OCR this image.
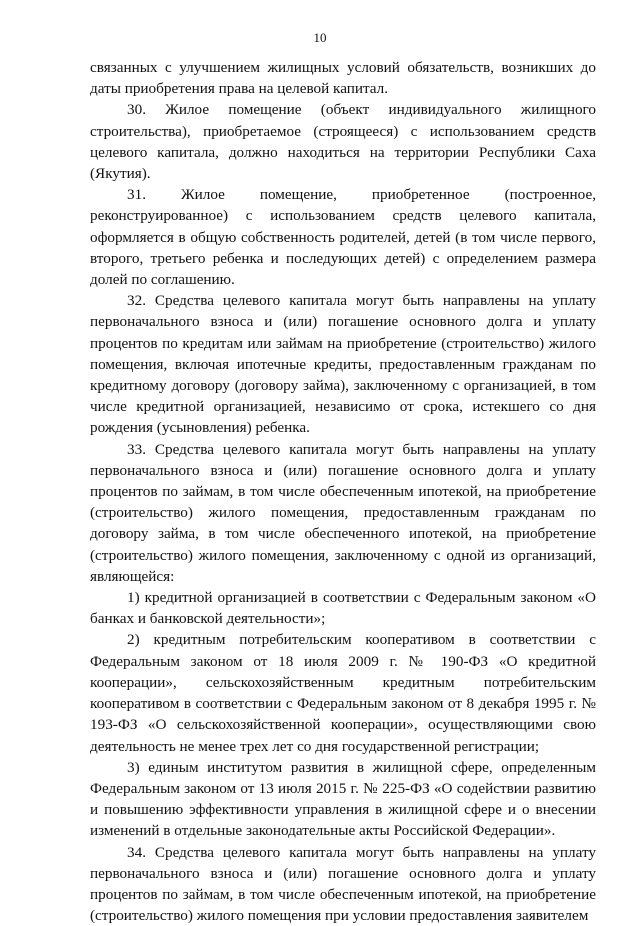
10

связанных с улучшением жилищных условий обязательств, возникших до даты приобретения права на целевой капитал.

30. Жилое помещение (объект индивидуального жилищного строительства), приобретаемое (строящееся) с использованием средств целевого капитала, должно находиться на территории Республики Саха (Якутия).

31. Жилое помещение, приобретенное (построенное, реконструированное) с использованием средств целевого капитала, оформляется в общую собственность родителей, детей (в том числе первого, второго, третьего ребенка и последующих детей) с определением размера долей по соглашению.

32. Средства целевого капитала могут быть направлены на уплату первоначального взноса и (или) погашение основного долга и уплату процентов по кредитам или займам на приобретение (строительство) жилого помещения, включая ипотечные кредиты, предоставленным гражданам по кредитному договору (договору займа), заключенному с организацией, в том числе кредитной организацией, независимо от срока, истекшего со дня рождения (усыновления) ребенка.

33. Средства целевого капитала могут быть направлены на уплату первоначального взноса и (или) погашение основного долга и уплату процентов по займам, в том числе обеспеченным ипотекой, на приобретение (строительство) жилого помещения, предоставленным гражданам по договору займа, в том числе обеспеченного ипотекой, на приобретение (строительство) жилого помещения, заключенному с одной из организаций, являющейся:

1) кредитной организацией в соответствии с Федеральным законом «О банках и банковской деятельности»;

2) кредитным потребительским кооперативом в соответствии с Федеральным законом от 18 июля 2009 г. № 190-ФЗ «О кредитной кооперации», сельскохозяйственным кредитным потребительским кооперативом в соответствии с Федеральным законом от 8 декабря 1995 г. № 193-ФЗ «О сельскохозяйственной кооперации», осуществляющими свою деятельность не менее трех лет со дня государственной регистрации;

3) единым институтом развития в жилищной сфере, определенным Федеральным законом от 13 июля 2015 г. № 225-ФЗ «О содействии развитию и повышению эффективности управления в жилищной сфере и о внесении изменений в отдельные законодательные акты Российской Федерации».

34. Средства целевого капитала могут быть направлены на уплату первоначального взноса и (или) погашение основного долга и уплату процентов по займам, в том числе обеспеченным ипотекой, на приобретение (строительство) жилого помещения при условии предоставления заявителем
